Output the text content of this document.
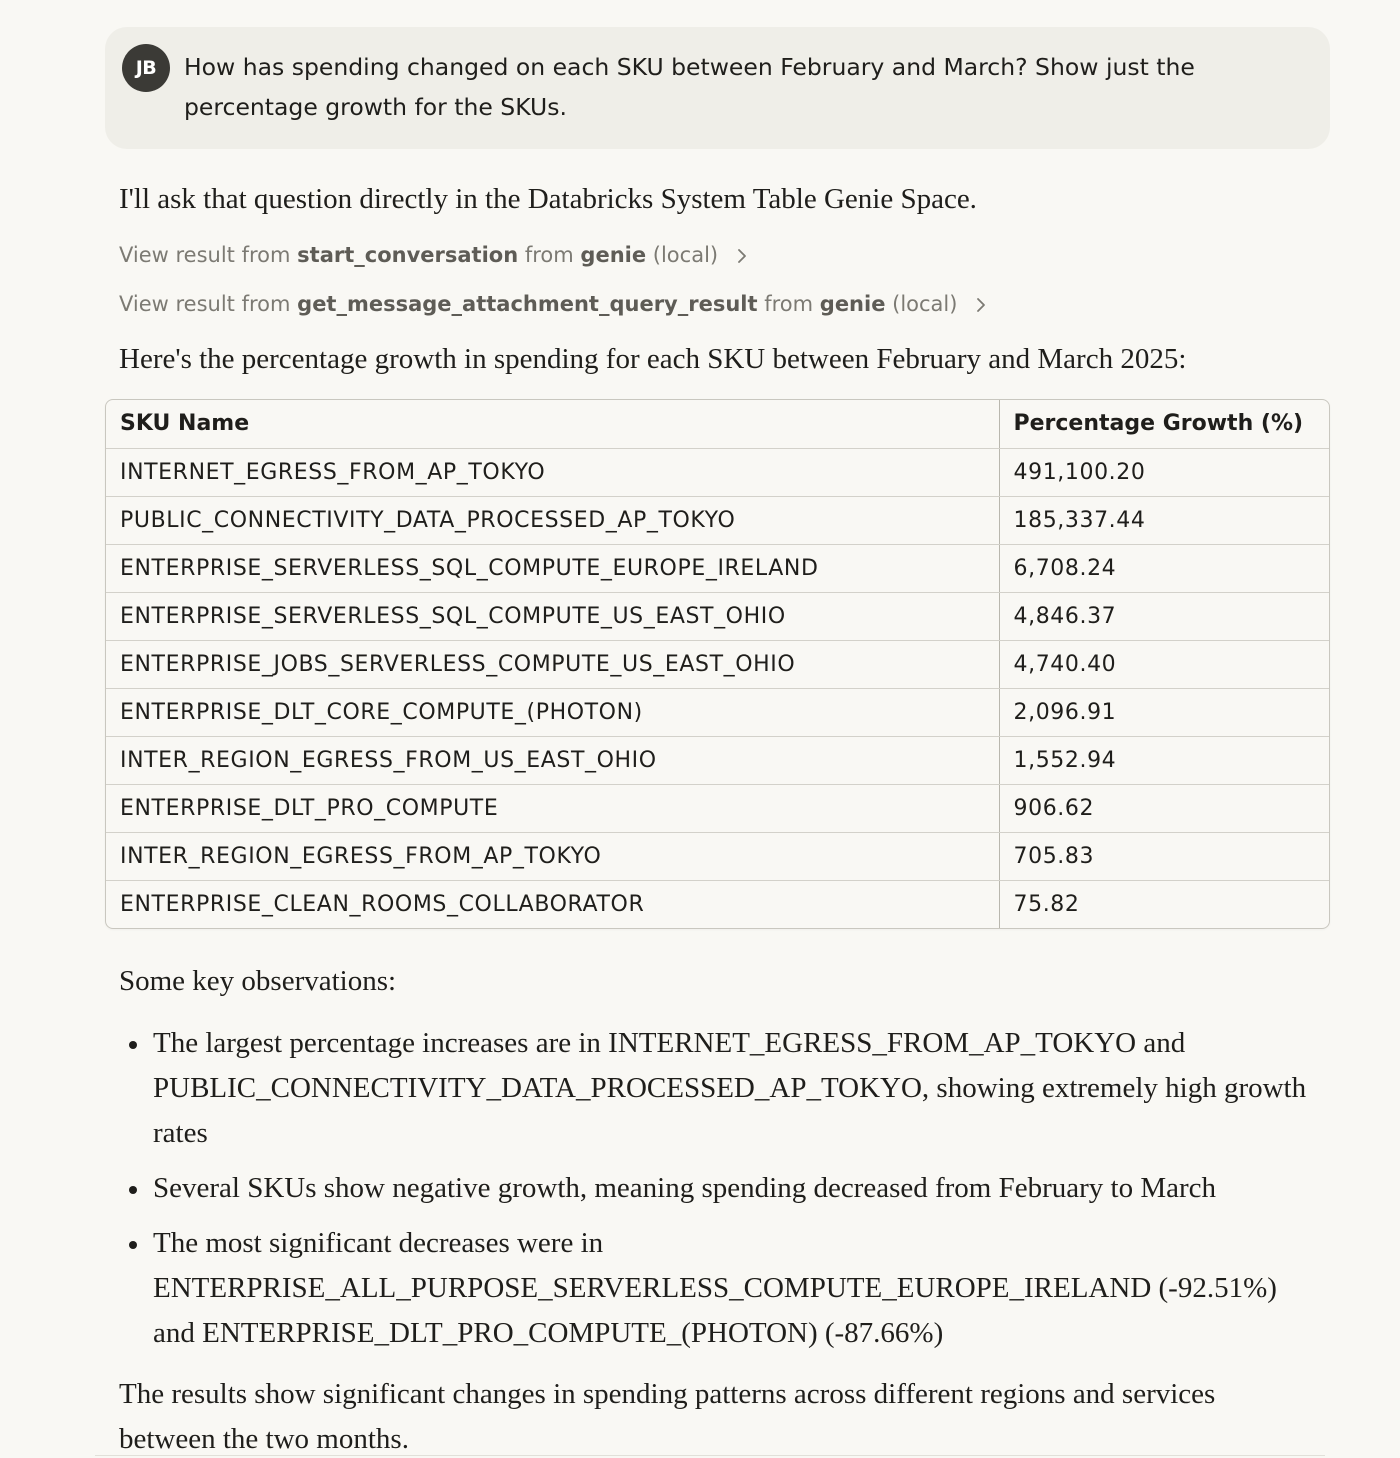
JB	How has spending changed on each SKU between February and March? Show just the percentage growth for the SKUs.
I'll ask that question directly in the Databricks System Table Genie Space.
View result from start_conversation from genie (local)
View result from get_message_attachment_query_result from genie (local)
Here's the percentage growth in spending for each SKU between February and March 2025:
SKU Name	Percentage Growth (%)
INTERNET_EGRESS_FROM_AP_TOKYO	491,100.20
PUBLIC_CONNECTIVITY_DATA_PROCESSED_AP_TOKYO	185,337.44
ENTERPRISE_SERVERLESS_SQL_COMPUTE_EUROPE_IRELAND	6,708.24
ENTERPRISE_SERVERLESS_SQL_COMPUTE_US_EAST_OHIO	4,846.37
ENTERPRISE_JOBS_SERVERLESS_COMPUTE_US_EAST_OHIO	4,740.40
ENTERPRISE_DLT_CORE_COMPUTE_(PHOTON)	2,096.91
INTER_REGION_EGRESS_FROM_US_EAST_OHIO	1,552.94
ENTERPRISE_DLT_PRO_COMPUTE	906.62
INTER_REGION_EGRESS_FROM_AP_TOKYO	705.83
ENTERPRISE_CLEAN_ROOMS_COLLABORATOR	75.82
Some key observations:
The largest percentage increases are in INTERNET_EGRESS_FROM_AP_TOKYO and PUBLIC_CONNECTIVITY_DATA_PROCESSED_AP_TOKYO, showing extremely high growth rates
Several SKUs show negative growth, meaning spending decreased from February to March
The most significant decreases were in ENTERPRISE_ALL_PURPOSE_SERVERLESS_COMPUTE_EUROPE_IRELAND (-92.51%) and ENTERPRISE_DLT_PRO_COMPUTE_(PHOTON) (-87.66%)
The results show significant changes in spending patterns across different regions and services between the two months.
